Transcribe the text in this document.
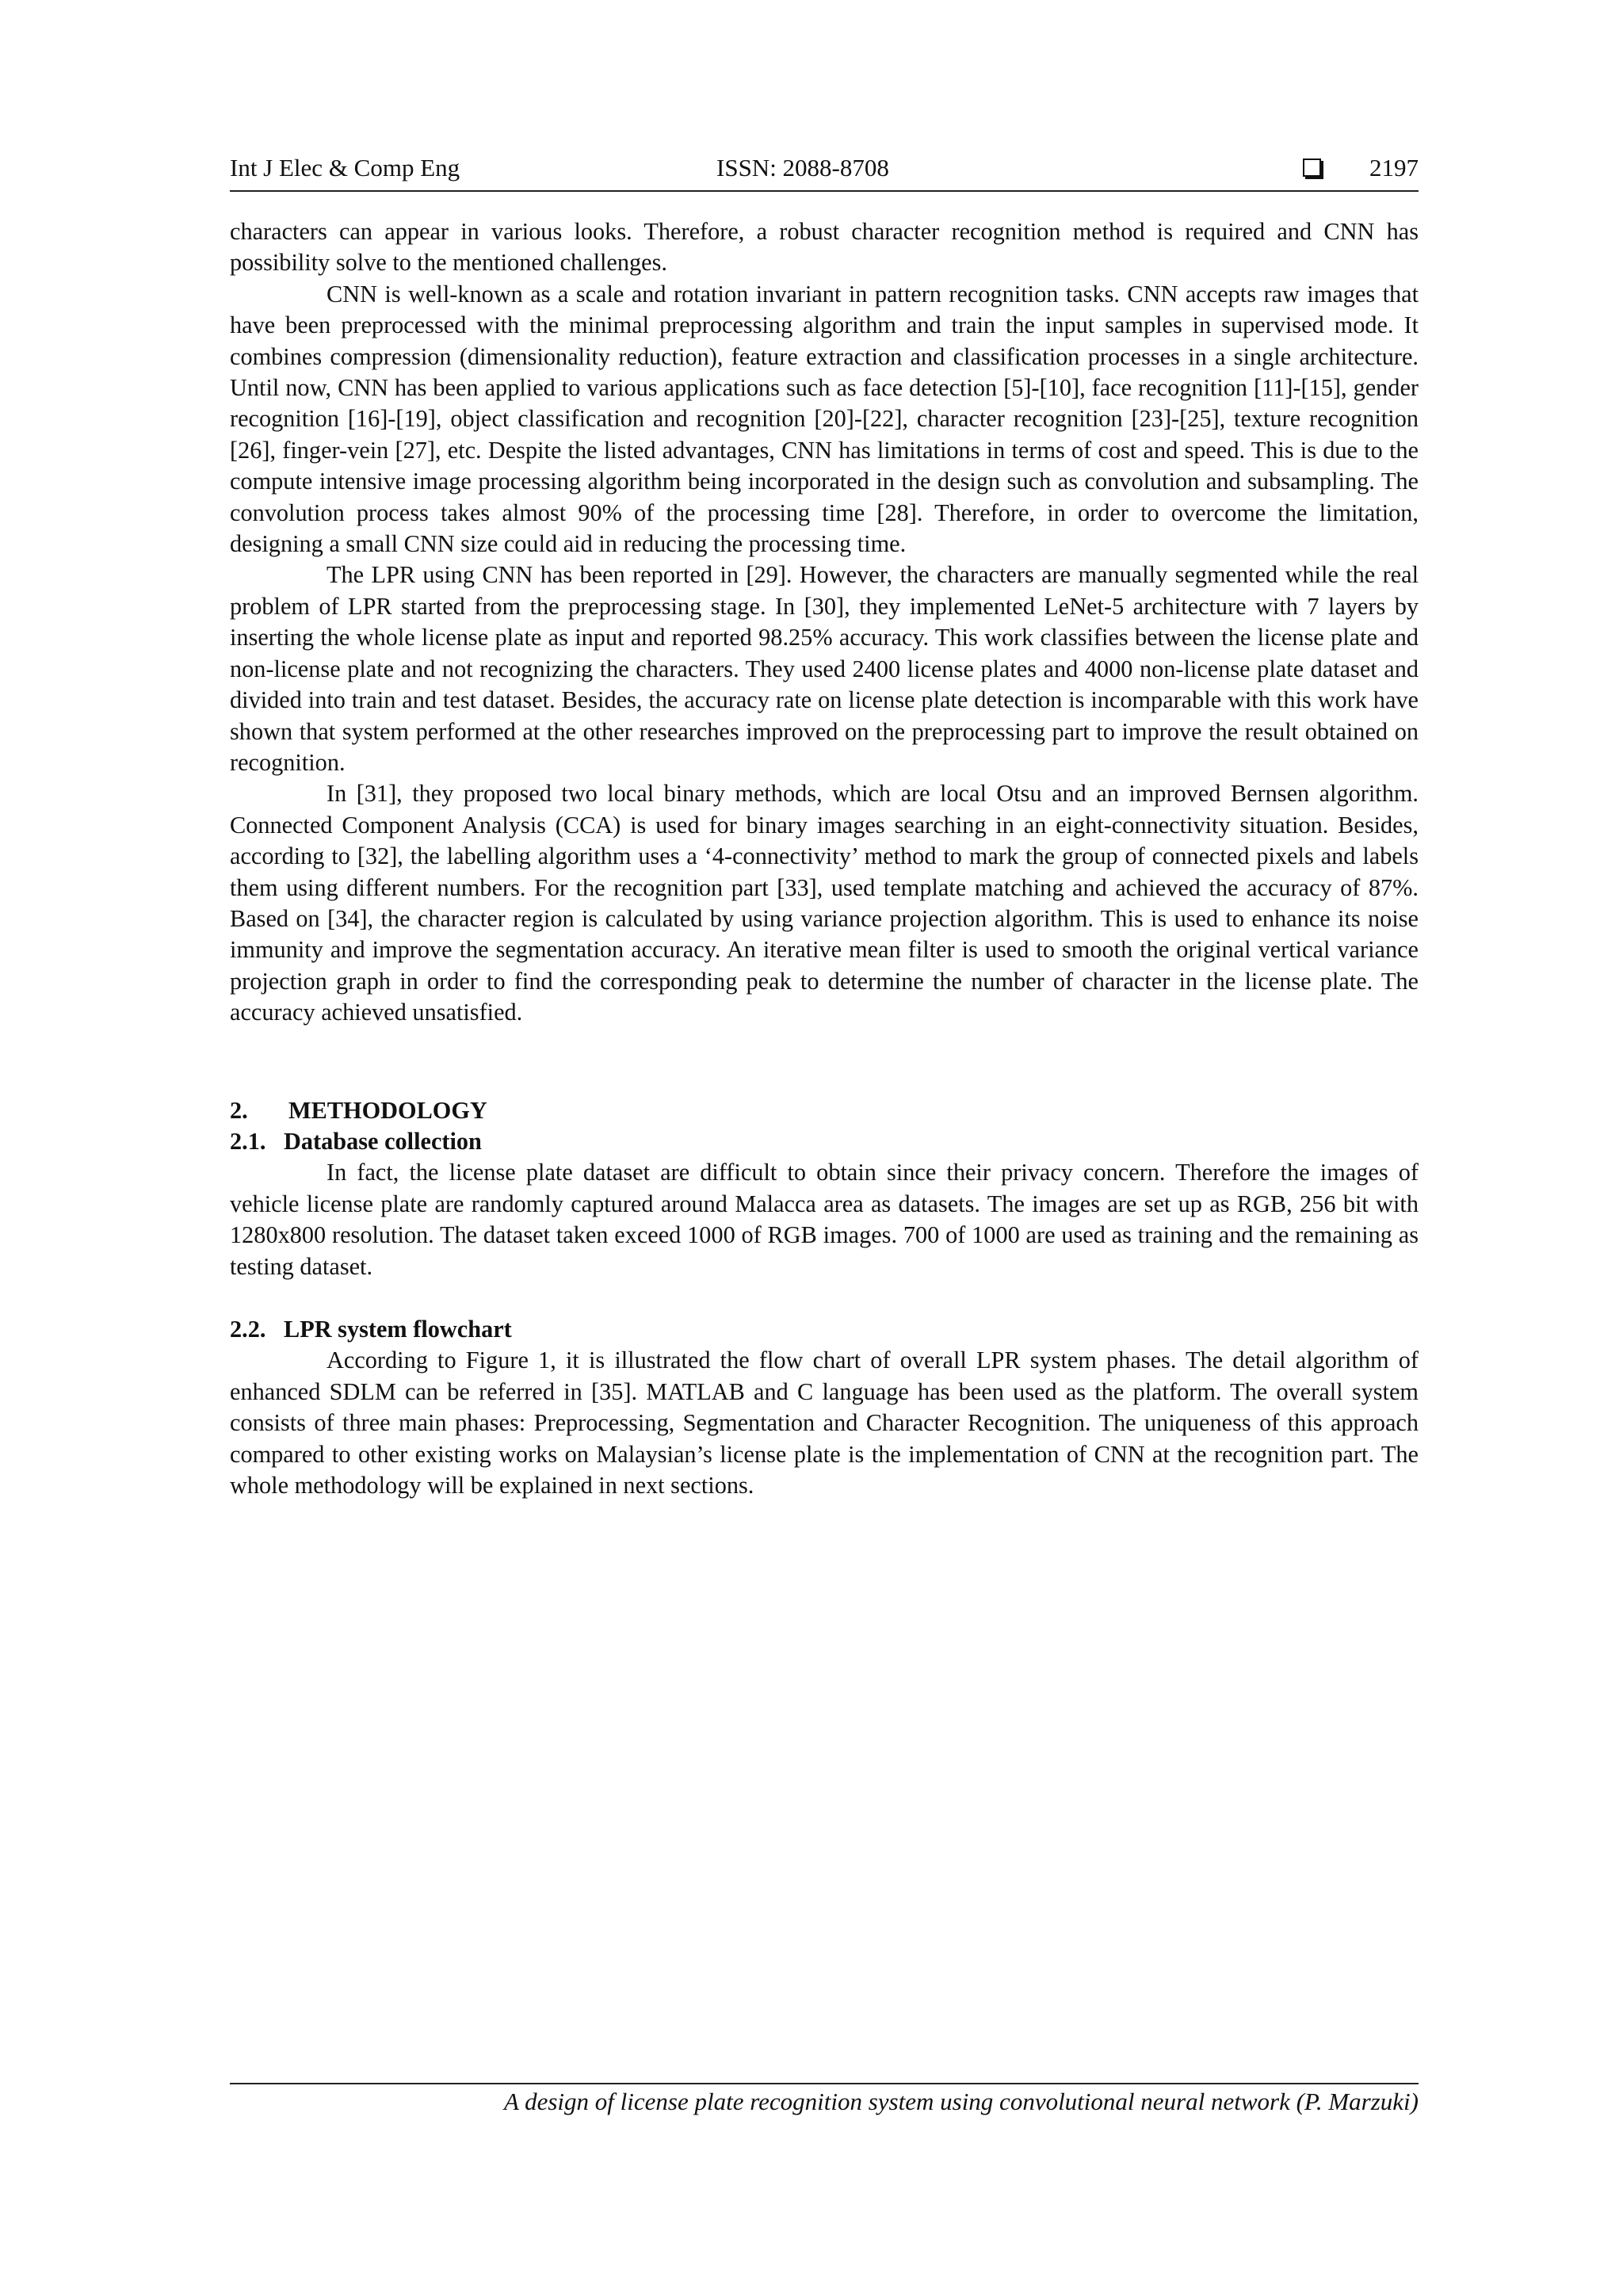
Int J Elec & Comp Eng	ISSN: 2088-8708	2197

characters can appear in various looks. Therefore, a robust character recognition method is required and CNN has possibility solve to the mentioned challenges.

CNN is well-known as a scale and rotation invariant in pattern recognition tasks. CNN accepts raw images that have been preprocessed with the minimal preprocessing algorithm and train the input samples in supervised mode. It combines compression (dimensionality reduction), feature extraction and classification processes in a single architecture. Until now, CNN has been applied to various applications such as face detection [5]-[10], face recognition [11]-[15], gender recognition [16]-[19], object classification and recognition [20]-[22], character recognition [23]-[25], texture recognition [26], finger-vein [27], etc. Despite the listed advantages, CNN has limitations in terms of cost and speed. This is due to the compute intensive image processing algorithm being incorporated in the design such as convolution and subsampling. The convolution process takes almost 90% of the processing time [28]. Therefore, in order to overcome the limitation, designing a small CNN size could aid in reducing the processing time.

The LPR using CNN has been reported in [29]. However, the characters are manually segmented while the real problem of LPR started from the preprocessing stage. In [30], they implemented LeNet-5 architecture with 7 layers by inserting the whole license plate as input and reported 98.25% accuracy. This work classifies between the license plate and non-license plate and not recognizing the characters. They used 2400 license plates and 4000 non-license plate dataset and divided into train and test dataset. Besides, the accuracy rate on license plate detection is incomparable with this work have shown that system performed at the other researches improved on the preprocessing part to improve the result obtained on recognition.

In [31], they proposed two local binary methods, which are local Otsu and an improved Bernsen algorithm. Connected Component Analysis (CCA) is used for binary images searching in an eight-connectivity situation. Besides, according to [32], the labelling algorithm uses a ‘4-connectivity’ method to mark the group of connected pixels and labels them using different numbers. For the recognition part [33], used template matching and achieved the accuracy of 87%. Based on [34], the character region is calculated by using variance projection algorithm. This is used to enhance its noise immunity and improve the segmentation accuracy. An iterative mean filter is used to smooth the original vertical variance projection graph in order to find the corresponding peak to determine the number of character in the license plate. The accuracy achieved unsatisfied.

2. METHODOLOGY
2.1. Database collection

In fact, the license plate dataset are difficult to obtain since their privacy concern. Therefore the images of vehicle license plate are randomly captured around Malacca area as datasets. The images are set up as RGB, 256 bit with 1280x800 resolution. The dataset taken exceed 1000 of RGB images. 700 of 1000 are used as training and the remaining as testing dataset.

2.2. LPR system flowchart

According to Figure 1, it is illustrated the flow chart of overall LPR system phases. The detail algorithm of enhanced SDLM can be referred in [35]. MATLAB and C language has been used as the platform. The overall system consists of three main phases: Preprocessing, Segmentation and Character Recognition. The uniqueness of this approach compared to other existing works on Malaysian’s license plate is the implementation of CNN at the recognition part. The whole methodology will be explained in next sections.

A design of license plate recognition system using convolutional neural network (P. Marzuki)
